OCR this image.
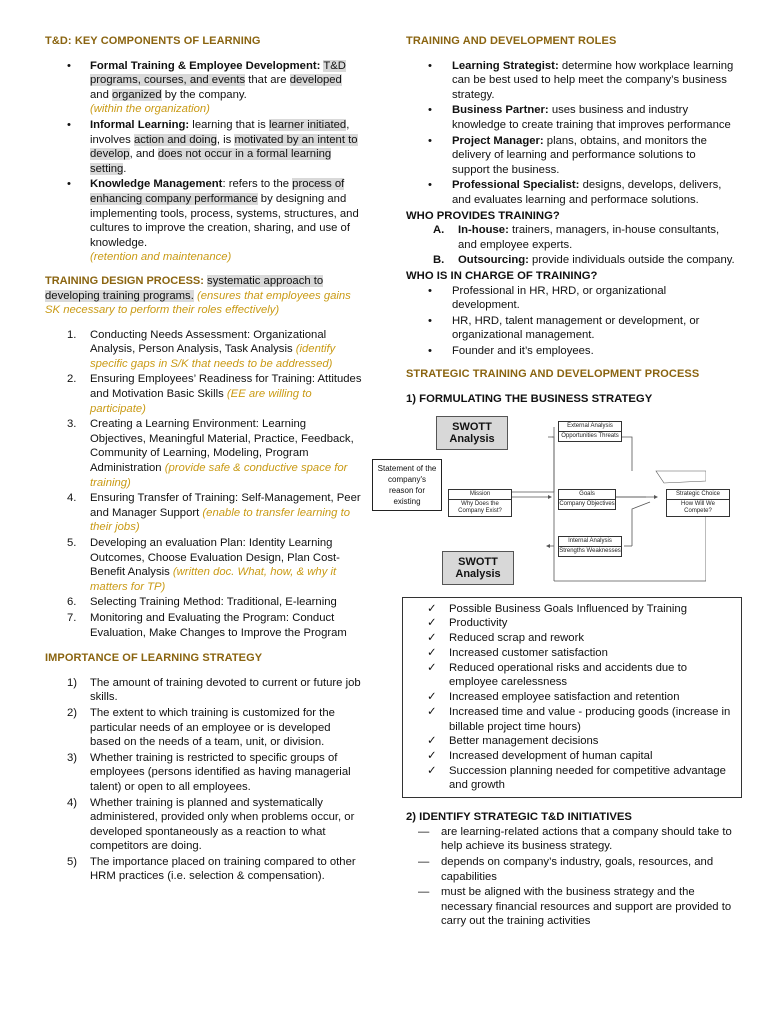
T&D: KEY COMPONENTS OF LEARNING
• Formal Training & Employee Development: T&D programs, courses, and events that are developed and organized by the company.
(within the organization)
• Informal Learning: learning that is learner initiated, involves action and doing, is motivated by an intent to develop, and does not occur in a formal learning setting.
• Knowledge Management: refers to the process of enhancing company performance by designing and implementing tools, process, systems, structures, and cultures to improve the creation, sharing, and use of knowledge.
(retention and maintenance)

TRAINING DESIGN PROCESS: systematic approach to developing training programs. (ensures that employees gains SK necessary to perform their roles effectively)

1. Conducting Needs Assessment: Organizational Analysis, Person Analysis, Task Analysis (identify specific gaps in S/K that needs to be addressed)
2. Ensuring Employees’ Readiness for Training: Attitudes and Motivation Basic Skills (EE are willing to participate)
3. Creating a Learning Environment: Learning Objectives, Meaningful Material, Practice, Feedback, Community of Learning, Modeling, Program Administration (provide safe & conductive space for training)
4. Ensuring Transfer of Training: Self-Management, Peer and Manager Support (enable to transfer learning to their jobs)
5. Developing an evaluation Plan: Identity Learning Outcomes, Choose Evaluation Design, Plan Cost-Benefit Analysis (written doc. What, how, & why it matters for TP)
6. Selecting Training Method: Traditional, E-learning
7. Monitoring and Evaluating the Program: Conduct Evaluation, Make Changes to Improve the Program
IMPORTANCE OF LEARNING STRATEGY
1) The amount of training devoted to current or future job skills.
2) The extent to which training is customized for the particular needs of an employee or is developed based on the needs of a team, unit, or division.
3) Whether training is restricted to specific groups of employees (persons identified as having managerial talent) or open to all employees.
4) Whether training is planned and systematically administered, provided only when problems occur, or developed spontaneously as a reaction to what competitors are doing.
5) The importance placed on training compared to other HRM practices (i.e. selection & compensation).
TRAINING AND DEVELOPMENT ROLES
• Learning Strategist: determine how workplace learning can be best used to help meet the company’s business strategy.
• Business Partner: uses business and industry knowledge to create training that improves performance
• Project Manager: plans, obtains, and monitors the delivery of learning and performance solutions to support the business.
• Professional Specialist: designs, develops, delivers, and evaluates learning and performace solutions.

WHO PROVIDES TRAINING?

A. In-house: trainers, managers, in-house consultants, and employee experts.
B. Outsourcing: provide individuals outside the company.

WHO IS IN CHARGE OF TRAINING?

• Professional in HR, HRD, or organizational development.
• HR, HRD, talent management or development, or organizational management.
• Founder and it’s employees.
STRATEGIC TRAINING AND DEVELOPMENT PROCESS

1) FORMULATING THE BUSINESS STRATEGY

SWOTT Analysis
SWOTT Analysis
Statement of the company's reason for existing
External Analysis
Opportunities Threats
Mission
Why Does the Company Exist?
Goals
Company Objectives
Strategic Choice
How Will We Compete?
Internal Analysis
Strengths Weaknesses
✓ Possible Business Goals Influenced by Training
✓ Productivity
✓ Reduced scrap and rework
✓ Increased customer satisfaction
✓ Reduced operational risks and accidents due to employee carelessness
✓ Increased employee satisfaction and retention
✓ Increased time and value - producing goods (increase in billable project time hours)
✓ Better management decisions
✓ Increased development of human capital
✓ Succession planning needed for competitive advantage and growth

2) IDENTIFY STRATEGIC T&D INITIATIVES

— are learning-related actions that a company should take to help achieve its business strategy.
— depends on company’s industry, goals, resources, and capabilities
— must be aligned with the business strategy and the necessary financial resources and support are provided to carry out the training activities
